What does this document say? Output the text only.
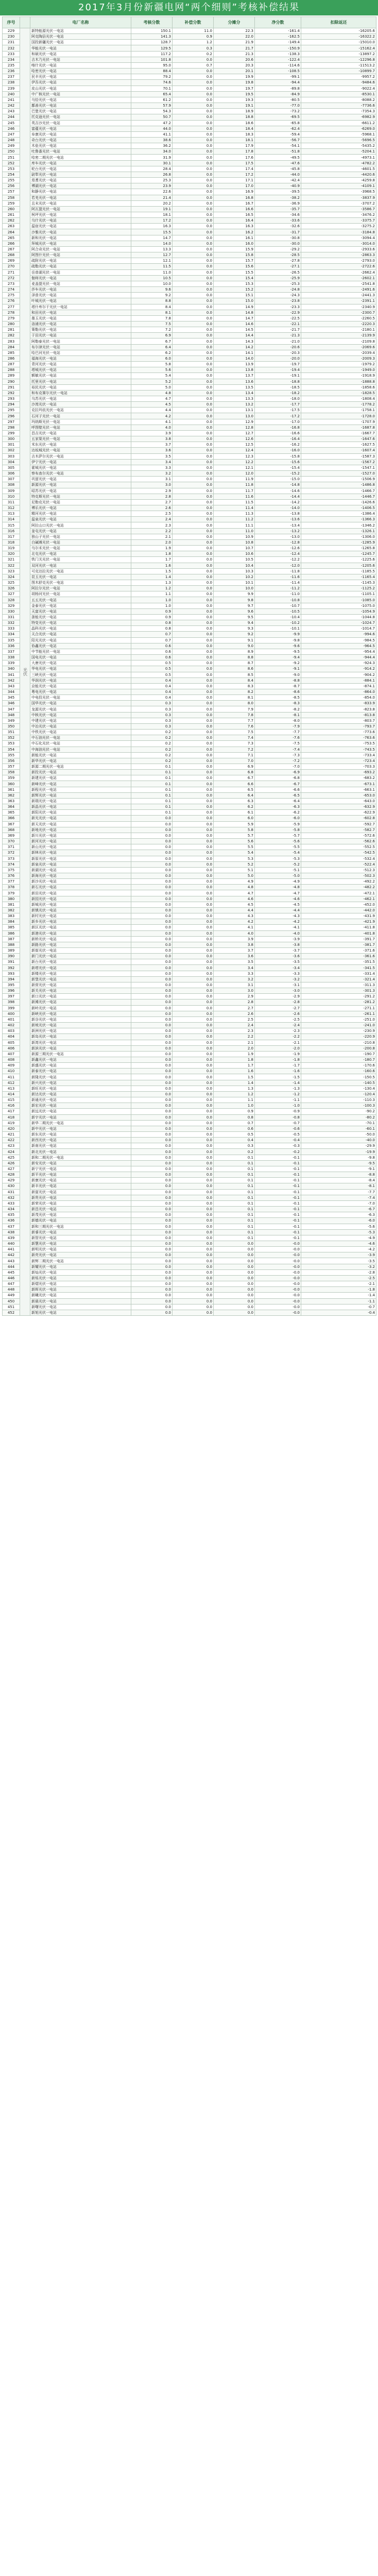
2017年3月份新疆电网“两个细则”考核补偿结果
序号		电厂名称	考核分数	补偿分数	分摊分	净分数	扣除返还
229	光伏	新特能源光伏一电站	150.1	11.0	22.3	-161.4	-16205.6
230		阿克陶县光伏一电站	141.3	0.9	22.0	-162.5	-16322.2
231		国投新疆光伏一电站	128.7	1.2	21.9	-149.4	-15010.0
232		华能光伏一电站	129.5	0.3	21.7	-150.9	-15162.4
233		和硕光伏一电站	117.2	0.2	21.3	-138.3	-13897.2
234		吉木乃光伏一电站	101.8	0.0	20.6	-122.4	-12296.8
235		喀什光伏一电站	95.0	0.7	20.3	-114.6	-11513.2
236		哈密光伏一电站	88.4	0.0	20.1	-108.5	-10899.7
237		民丰光伏一电站	79.2	0.0	19.9	-99.1	-9957.2
238		伊吾光伏一电站	74.6	0.0	19.8	-94.4	-9484.6
239		皮山光伏一电站	70.1	0.0	19.7	-89.8	-9022.4
240		中广核光伏一电站	65.4	0.0	19.5	-84.9	-8530.1
241		乌恰光伏一电站	61.2	0.0	19.3	-80.5	-8088.2
242		鄯善光伏一电站	57.9	0.0	19.1	-77.0	-7736.6
243		巴楚光伏一电站	54.3	0.0	18.9	-73.2	-7354.3
244		托克逊光伏一电站	50.7	0.0	18.8	-69.5	-6982.9
245		英吉沙光伏一电站	47.2	0.0	18.6	-65.8	-6611.2
246		富蕴光伏一电站	44.0	0.0	18.4	-62.4	-6269.0
247		阜康光伏一电站	41.1	0.0	18.3	-59.4	-5968.1
248		奇台光伏一电站	38.6	0.0	18.1	-56.7	-5696.5
249		木垒光伏一电站	36.2	0.0	17.9	-54.1	-5435.2
250		吐鲁番光伏一电站	34.0	0.0	17.8	-51.8	-5204.1
251		哈密二期光伏一电站	31.9	0.0	17.6	-49.5	-4973.1
252		库车光伏一电站	30.1	0.0	17.5	-47.6	-4782.2
253		轮台光伏一电站	28.4	0.0	17.4	-45.8	-4601.5
254		尉犁光伏一电站	26.8	0.0	17.2	-44.0	-4420.6
255		焉耆光伏一电站	25.3	0.0	17.1	-42.4	-4259.8
256		博湖光伏一电站	23.9	0.0	17.0	-40.9	-4109.1
257		和静光伏一电站	22.6	0.0	16.9	-39.5	-3968.5
258		若羌光伏一电站	21.4	0.0	16.8	-38.2	-3837.9
259		且末光伏一电站	20.2	0.0	16.7	-36.9	-3707.2
260		阿瓦提光伏一电站	19.1	0.0	16.6	-35.7	-3586.7
261		柯坪光伏一电站	18.1	0.0	16.5	-34.6	-3476.2
262		乌什光伏一电站	17.2	0.0	16.4	-33.6	-3375.7
263		温宿光伏一电站	16.3	0.0	16.3	-32.6	-3275.2
264		沙雅光伏一电站	15.5	0.0	16.2	-31.7	-3184.8
265		新和光伏一电站	14.7	0.0	16.1	-30.8	-3094.4
266		拜城光伏一电站	14.0	0.0	16.0	-30.0	-3014.0
267		阿合奇光伏一电站	13.3	0.0	15.9	-29.2	-2933.6
268		阿图什光伏一电站	12.7	0.0	15.8	-28.5	-2863.3
269		疏附光伏一电站	12.1	0.0	15.7	-27.8	-2793.0
270		疏勒光伏一电站	11.5	0.0	15.6	-27.1	-2722.6
271		岳普湖光伏一电站	11.0	0.0	15.5	-26.5	-2662.4
272		伽师光伏一电站	10.5	0.0	15.4	-25.9	-2602.1
273		麦盖提光伏一电站	10.0	0.0	15.3	-25.3	-2541.8
274		莎车光伏一电站	9.6	0.0	15.2	-24.8	-2491.6
275		泽普光伏一电站	9.2	0.0	15.1	-24.3	-2441.3
276		叶城光伏一电站	8.8	0.0	15.0	-23.8	-2391.1
277		塔什库尔干光伏一电站	8.4	0.0	14.9	-23.3	-2340.9
278		和田光伏一电站	8.1	0.0	14.8	-22.9	-2300.7
279		墨玉光伏一电站	7.8	0.0	14.7	-22.5	-2260.5
280		洛浦光伏一电站	7.5	0.0	14.6	-22.1	-2220.3
281		策勒光伏一电站	7.2	0.0	14.5	-21.7	-2180.1
282		于田光伏一电站	6.9	0.0	14.4	-21.3	-2139.9
283		阿勒泰光伏一电站	6.7	0.0	14.3	-21.0	-2109.8
284		布尔津光伏一电站	6.4	0.0	14.2	-20.6	-2069.6
285		哈巴河光伏一电站	6.2	0.0	14.1	-20.3	-2039.4
286		福海光伏一电站	6.0	0.0	14.0	-20.0	-2009.3
287		青河光伏一电站	5.8	0.0	13.9	-19.7	-1979.2
288		塔城光伏一电站	5.6	0.0	13.8	-19.4	-1949.0
289		额敏光伏一电站	5.4	0.0	13.7	-19.1	-1918.9
290		托里光伏一电站	5.2	0.0	13.6	-18.8	-1888.8
291		裕民光伏一电站	5.0	0.0	13.5	-18.5	-1858.6
292		和布克赛尔光伏一电站	4.8	0.0	13.4	-18.2	-1828.5
293		乌苏光伏一电站	4.7	0.0	13.3	-18.0	-1808.4
294		沙湾光伏一电站	4.5	0.0	13.2	-17.7	-1778.2
295		克拉玛依光伏一电站	4.4	0.0	13.1	-17.5	-1758.1
296		石河子光伏一电站	4.2	0.0	13.0	-17.2	-1728.0
297		玛纳斯光伏一电站	4.1	0.0	12.9	-17.0	-1707.9
298		呼图壁光伏一电站	4.0	0.0	12.8	-16.8	-1687.8
299		昌吉光伏一电站	3.9	0.0	12.7	-16.6	-1667.7
300		五家渠光伏一电站	3.8	0.0	12.6	-16.4	-1647.6
301		米东光伏一电站	3.7	0.0	12.5	-16.2	-1627.5
302		达坂城光伏一电站	3.6	0.0	12.4	-16.0	-1607.4
303		吉木萨尔光伏一电站	3.5	0.0	12.3	-15.8	-1587.3
304		伊宁光伏一电站	3.4	0.0	12.2	-15.6	-1567.2
305		霍城光伏一电站	3.3	0.0	12.1	-15.4	-1547.1
306		察布查尔光伏一电站	3.2	0.0	12.0	-15.2	-1527.0
307		巩留光伏一电站	3.1	0.0	11.9	-15.0	-1506.9
308		新源光伏一电站	3.0	0.0	11.8	-14.8	-1486.8
309		昭苏光伏一电站	2.9	0.0	11.7	-14.6	-1466.7
310		特克斯光伏一电站	2.8	0.0	11.6	-14.4	-1446.7
311		尼勒克光伏一电站	2.7	0.0	11.5	-14.2	-1426.6
312		博乐光伏一电站	2.6	0.0	11.4	-14.0	-1406.5
313		精河光伏一电站	2.5	0.0	11.3	-13.8	-1386.4
314		温泉光伏一电站	2.4	0.0	11.2	-13.6	-1366.3
315		阿拉山口光伏一电站	2.3	0.0	11.1	-13.4	-1346.2
316		奎屯光伏一电站	2.2	0.0	11.0	-13.2	-1326.1
317		独山子光伏一电站	2.1	0.0	10.9	-13.0	-1306.0
318		白碱滩光伏一电站	2.0	0.0	10.8	-12.8	-1285.9
319		乌尔禾光伏一电站	1.9	0.0	10.7	-12.6	-1265.8
320		北屯光伏一电站	1.8	0.0	10.6	-12.4	-1245.7
321		铁门关光伏一电站	1.7	0.0	10.5	-12.2	-1225.6
322		双河光伏一电站	1.6	0.0	10.4	-12.0	-1205.6
323		可克达拉光伏一电站	1.5	0.0	10.3	-11.8	-1185.5
324		昆玉光伏一电站	1.4	0.0	10.2	-11.6	-1165.4
325		图木舒克光伏一电站	1.3	0.0	10.1	-11.4	-1145.3
326		阿拉尔光伏一电站	1.2	0.0	10.0	-11.2	-1125.2
327		胡杨河光伏一电站	1.1	0.0	9.9	-11.0	-1105.1
328		五五光伏一电站	1.0	0.0	9.8	-10.8	-1085.0
329		金泰光伏一电站	1.0	0.0	9.7	-10.7	-1075.0
330		天富光伏一电站	0.9	0.0	9.6	-10.5	-1054.9
331		浙能光伏一电站	0.9	0.0	9.5	-10.4	-1044.8
332		特变光伏一电站	0.8	0.0	9.4	-10.2	-1024.7
333		晶科光伏一电站	0.8	0.0	9.3	-10.1	-1014.7
334		天合光伏一电站	0.7	0.0	9.2	-9.9	-994.6
335		阳光光伏一电站	0.7	0.0	9.1	-9.8	-984.5
336		协鑫光伏一电站	0.6	0.0	9.0	-9.6	-964.5
337		中节能光伏一电站	0.6	0.0	8.9	-9.5	-954.4
338		国电光伏一电站	0.6	0.0	8.8	-9.4	-944.4
339		大唐光伏一电站	0.5	0.0	8.7	-9.2	-924.3
340		华电光伏一电站	0.5	0.0	8.6	-9.1	-914.2
341		三峡光伏一电站	0.5	0.0	8.5	-9.0	-904.2
342		华润光伏一电站	0.4	0.0	8.4	-8.8	-884.1
343		京能光伏一电站	0.4	0.0	8.3	-8.7	-874.1
344		粤电光伏一电站	0.4	0.0	8.2	-8.6	-864.0
345		中电投光伏一电站	0.4	0.0	8.1	-8.5	-854.0
346		国华光伏一电站	0.3	0.0	8.0	-8.3	-833.9
347		龙源光伏一电站	0.3	0.0	7.9	-8.2	-823.8
348		中核光伏一电站	0.3	0.0	7.8	-8.1	-813.8
349		中建光伏一电站	0.3	0.0	7.7	-8.0	-803.7
350		中冶光伏一电站	0.3	0.0	7.6	-7.9	-793.7
351		中铁光伏一电站	0.2	0.0	7.5	-7.7	-773.6
352		中石油光伏一电站	0.2	0.0	7.4	-7.6	-763.6
353		中石化光伏一电站	0.2	0.0	7.3	-7.5	-753.5
354		中海油光伏一电站	0.2	0.0	7.2	-7.4	-743.5
355		新能光伏一电站	0.2	0.0	7.1	-7.3	-733.4
356		新华光伏一电站	0.2	0.0	7.0	-7.2	-723.4
357		新源二期光伏一电站	0.1	0.0	6.9	-7.0	-703.3
358		新投光伏一电站	0.1	0.0	6.8	-6.9	-693.2
359		新建光伏一电站	0.1	0.0	6.7	-6.8	-683.2
360		新峰光伏一电站	0.1	0.0	6.6	-6.7	-673.1
361		新程光伏一电站	0.1	0.0	6.5	-6.6	-663.1
362		新辉光伏一电站	0.1	0.0	6.4	-6.5	-653.0
363		新瑞光伏一电站	0.1	0.0	6.3	-6.4	-643.0
364		新晶光伏一电站	0.1	0.0	6.2	-6.3	-632.9
365		新阳光伏一电站	0.1	0.0	6.1	-6.2	-622.9
366		新光光伏一电站	0.0	0.0	6.0	-6.0	-602.8
367		新天光伏一电站	0.0	0.0	5.9	-5.9	-592.7
368		新地光伏一电站	0.0	0.0	5.8	-5.8	-582.7
369		新川光伏一电站	0.0	0.0	5.7	-5.7	-572.6
370		新河光伏一电站	0.0	0.0	5.6	-5.6	-562.6
371		新山光伏一电站	0.0	0.0	5.5	-5.5	-552.5
372		新林光伏一电站	0.0	0.0	5.4	-5.4	-542.5
373		新原光伏一电站	0.0	0.0	5.3	-5.3	-532.4
374		新泉光伏一电站	0.0	0.0	5.2	-5.2	-522.4
375		新湖光伏一电站	0.0	0.0	5.1	-5.1	-512.3
376		新海光伏一电站	0.0	0.0	5.0	-5.0	-502.3
377		新沙光伏一电站	0.0	0.0	4.9	-4.9	-492.2
378		新石光伏一电站	0.0	0.0	4.8	-4.8	-482.2
379		新田光伏一电站	0.0	0.0	4.7	-4.7	-472.1
380		新园光伏一电站	0.0	0.0	4.6	-4.6	-462.1
381		新城光伏一电站	0.0	0.0	4.5	-4.5	-452.0
382		新镇光伏一电站	0.0	0.0	4.4	-4.4	-442.0
383		新村光伏一电站	0.0	0.0	4.3	-4.3	-431.9
384		新乡光伏一电站	0.0	0.0	4.2	-4.2	-421.9
385		新区光伏一电站	0.0	0.0	4.1	-4.1	-411.8
386		新港光伏一电站	0.0	0.0	4.0	-4.0	-401.8
387		新桥光伏一电站	0.0	0.0	3.9	-3.9	-391.7
388		新路光伏一电站	0.0	0.0	3.8	-3.8	-381.7
389		新街光伏一电站	0.0	0.0	3.7	-3.7	-371.6
390		新门光伏一电站	0.0	0.0	3.6	-3.6	-361.6
391		新台光伏一电站	0.0	0.0	3.5	-3.5	-351.5
392		新塔光伏一电站	0.0	0.0	3.4	-3.4	-341.5
393		新楼光伏一电站	0.0	0.0	3.3	-3.3	-331.4
394		新堡光伏一电站	0.0	0.0	3.2	-3.2	-321.4
395		新营光伏一电站	0.0	0.0	3.1	-3.1	-311.3
396		新关光伏一电站	0.0	0.0	3.0	-3.0	-301.3
397		新口光伏一电站	0.0	0.0	2.9	-2.9	-291.2
398		新滩光伏一电站	0.0	0.0	2.8	-2.8	-281.2
399		新岭光伏一电站	0.0	0.0	2.7	-2.7	-271.1
400		新峡光伏一电站	0.0	0.0	2.6	-2.6	-261.1
401		新谷光伏一电站	0.0	0.0	2.5	-2.5	-251.0
402		新坡光伏一电站	0.0	0.0	2.4	-2.4	-241.0
403		新洲光伏一电站	0.0	0.0	2.3	-2.3	-230.9
404		新岛光伏一电站	0.0	0.0	2.2	-2.2	-220.9
405		新湾光伏一电站	0.0	0.0	2.1	-2.1	-210.8
406		新滨光伏一电站	0.0	0.0	2.0	-2.0	-200.8
407		新源三期光伏一电站	0.0	0.0	1.9	-1.9	-190.7
408		新鑫光伏一电站	0.0	0.0	1.8	-1.8	-180.7
409		新盛光伏一电站	0.0	0.0	1.7	-1.7	-170.6
410		新泰光伏一电站	0.0	0.0	1.6	-1.6	-160.6
411		新隆光伏一电站	0.0	0.0	1.5	-1.5	-150.5
412		新兴光伏一电站	0.0	0.0	1.4	-1.4	-140.5
413		新旺光伏一电站	0.0	0.0	1.3	-1.3	-130.4
414		新达光伏一电站	0.0	0.0	1.2	-1.2	-120.4
415		新通光伏一电站	0.0	0.0	1.1	-1.1	-110.3
416		新宏光伏一电站	0.0	0.0	1.0	-1.0	-100.3
417		新远光伏一电站	0.0	0.0	0.9	-0.9	-90.2
418		新宇光伏一电站	0.0	0.0	0.8	-0.8	-80.2
419		新华二期光伏一电站	0.0	0.0	0.7	-0.7	-70.1
420		新中光伏一电站	0.0	0.0	0.6	-0.6	-60.1
421		新东光伏一电站	0.0	0.0	0.5	-0.5	-50.0
422		新西光伏一电站	0.0	0.0	0.4	-0.4	-40.0
423		新南光伏一电站	0.0	0.0	0.3	-0.3	-29.9
424		新北光伏一电站	0.0	0.0	0.2	-0.2	-19.9
425		新和二期光伏一电站	0.0	0.0	0.1	-0.1	-9.8
426		新安光伏一电站	0.0	0.0	0.1	-0.1	-9.5
427		新宁光伏一电站	0.0	0.0	0.1	-0.1	-9.1
428		新平光伏一电站	0.0	0.0	0.1	-0.1	-8.8
429		新康光伏一电站	0.0	0.0	0.1	-0.1	-8.4
430		新丰光伏一电站	0.0	0.0	0.1	-0.1	-8.1
431		新富光伏一电站	0.0	0.0	0.1	-0.1	-7.7
432		新贵光伏一电站	0.0	0.0	0.1	-0.1	-7.4
433		新荣光伏一电站	0.0	0.0	0.1	-0.1	-7.0
434		新昌光伏一电站	0.0	0.0	0.1	-0.1	-6.7
435		新茂光伏一电站	0.0	0.0	0.1	-0.1	-6.3
436		新德光伏一电站	0.0	0.0	0.1	-0.1	-6.0
437		新和三期光伏一电站	0.0	0.0	0.1	-0.1	-5.6
438		新睿光伏一电站	0.0	0.0	0.1	-0.1	-5.3
439		新智光伏一电站	0.0	0.0	0.1	-0.1	-4.9
440		新慧光伏一电站	0.0	0.0	0.0	-0.0	-4.6
441		新明光伏一电站	0.0	0.0	0.0	-0.0	-4.2
442		新亮光伏一电站	0.0	0.0	0.0	-0.0	-3.9
443		新辉二期光伏一电站	0.0	0.0	0.0	-0.0	-3.5
444		新耀光伏一电站	0.0	0.0	0.0	-0.0	-3.2
445		新灿光伏一电站	0.0	0.0	0.0	-0.0	-2.8
446		新烁光伏一电站	0.0	0.0	0.0	-0.0	-2.5
447		新熠光伏一电站	0.0	0.0	0.0	-0.0	-2.1
448		新晖光伏一电站	0.0	0.0	0.0	-0.0	-1.8
449		新曦光伏一电站	0.0	0.0	0.0	-0.0	-1.4
450		新晨光伏一电站	0.0	0.0	0.0	-0.0	-1.1
451		新曙光伏一电站	0.0	0.0	0.0	-0.0	-0.7
452		新旭光伏一电站	0.0	0.0	0.0	-0.0	-0.4
